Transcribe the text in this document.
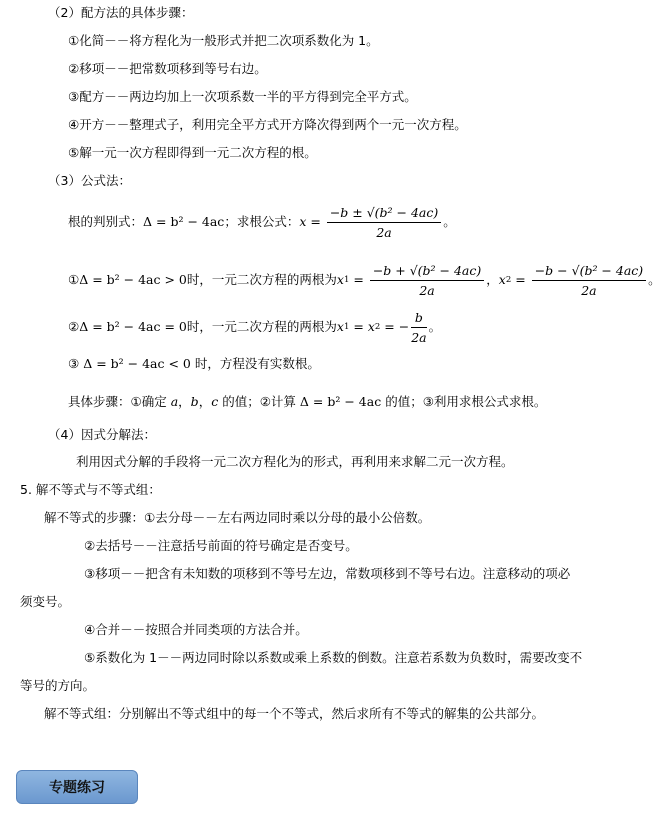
（2）配方法的具体步骤：
①化简－－将方程化为一般形式并把二次项系数化为 1。
②移项－－把常数项移到等号右边。
③配方－－两边均加上一次项系数一半的平方得到完全平方式。
④开方－－整理式子，利用完全平方式开方降次得到两个一元一次方程。
⑤解一元一次方程即得到一元二次方程的根。
（3）公式法：
根的判别式： Δ = b² − 4ac ；求根公式： $x = \frac{\text{−b ± √(b² − 4ac)}}{2a}$ 。
① Δ = b² − 4ac > 0 时，一元二次方程的两根为 x $1 = \frac{\text{−b + √(b² − 4ac)}}{2a}$ ， x $2 = \frac{\text{−b − √(b² − 4ac)}}{2a}$ 。
② Δ = b² − 4ac = 0 时，一元二次方程的两根为 x 1 = x 2 = − $\frac{b}{2a}$ 。
③ Δ = b² − 4ac < 0 时，方程没有实数根。
具体步骤：①确定 a，b，c 的值；②计算 Δ = b² − 4ac 的值；③利用求根公式求根。
（4）因式分解法：
利用因式分解的手段将一元二次方程化为的形式，再利用来求解二元一次方程。
5. 解不等式与不等式组：
解不等式的步骤：①去分母－－左右两边同时乘以分母的最小公倍数。
②去括号－－注意括号前面的符号确定是否变号。
③移项－－把含有未知数的项移到不等号左边，常数项移到不等号右边。注意移动的项必
须变号。
④合并－－按照合并同类项的方法合并。
⑤系数化为 1－－两边同时除以系数或乘上系数的倒数。注意若系数为负数时，需要改变不
等号的方向。
解不等式组：分别解出不等式组中的每一个不等式，然后求所有不等式的解集的公共部分。
专题练习
